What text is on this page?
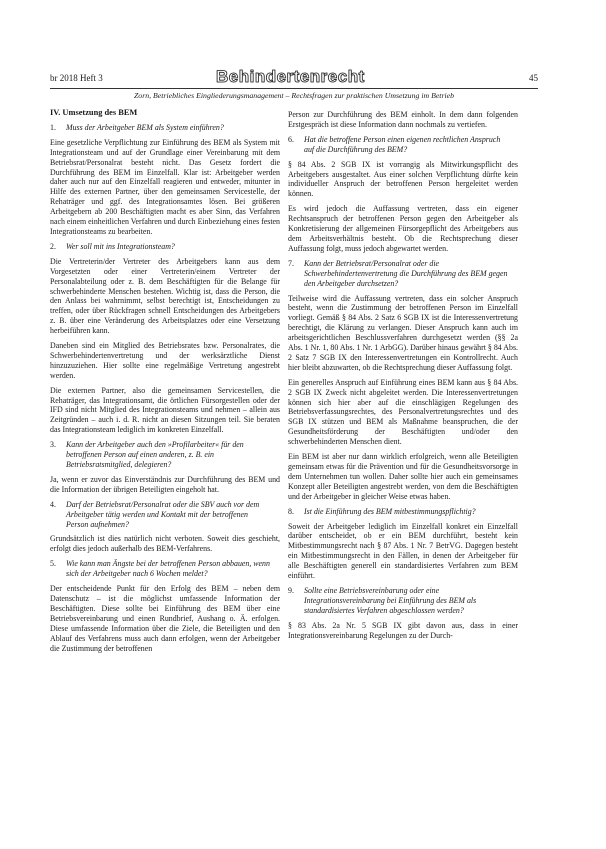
br 2018 Heft 3	Behindertenrecht	45
Zorn, Betriebliches Eingliederungsmanagement – Rechtsfragen zur praktischen Umsetzung im Betrieb
IV. Umsetzung des BEM
1.	Muss der Arbeitgeber BEM als System einführen?

Eine gesetzliche Verpflichtung zur Einführung des BEM als System mit Integrationsteam und auf der Grundlage einer Vereinbarung mit dem Betriebsrat/Personalrat besteht nicht. Das Gesetz fordert die Durchführung des BEM im Einzelfall. Klar ist: Arbeitgeber werden daher auch nur auf den Einzelfall reagieren und entweder, mitunter in Hilfe des externen Partner, über den gemeinsamen Servicestelle, der Rehaträger und ggf. des Integrationsamtes lösen. Bei größeren Arbeitgebern ab 200 Beschäftigten macht es aber Sinn, das Verfahren nach einem einheitlichen Verfahren und durch Einbeziehung eines festen Integrationsteams zu bearbeiten.

2.	Wer soll mit ins Integrationsteam?

Die Vertreterin/der Vertreter des Arbeitgebers kann aus dem Vorgesetzten oder einer Vertreterin/einem Vertreter der Personalabteilung oder z. B. dem Beschäftigten für die Belange für schwerbehinderte Menschen bestehen. Wichtig ist, dass die Person, die den Anlass bei wahrnimmt, selbst berechtigt ist, Entscheidungen zu treffen, oder über Rückfragen schnell Entscheidungen des Arbeitgebers z. B. über eine Veränderung des Arbeitsplatzes oder eine Versetzung herbeiführen kann.

Daneben sind ein Mitglied des Betriebsrates bzw. Personalrates, die Schwerbehindertenvertretung und der werksärztliche Dienst hinzuzuziehen. Hier sollte eine regelmäßige Vertretung angestrebt werden.

Die externen Partner, also die gemeinsamen Servicestellen, die Rehaträger, das Integrationsamt, die örtlichen Fürsorgestellen oder der IFD sind nicht Mitglied des Integrationsteams und nehmen – allein aus Zeitgründen – auch i. d. R. nicht an diesen Sitzungen teil. Sie beraten das Integrationsteam lediglich im konkreten Einzelfall.

3.	Kann der Arbeitgeber auch den »Profilarbeiter« für den betroffenen Person auf einen anderen, z. B. ein Betriebsratsmitglied, delegieren?

Ja, wenn er zuvor das Einverständnis zur Durchführung des BEM und die Information der übrigen Beteiligten eingeholt hat.

4.	Darf der Betriebsrat/Personalrat oder die SBV auch vor dem Arbeitgeber tätig werden und Kontakt mit der betroffenen Person aufnehmen?

Grundsätzlich ist dies natürlich nicht verboten. Soweit dies geschieht, erfolgt dies jedoch außerhalb des BEM-Verfahrens.

5.	Wie kann man Ängste bei der betroffenen Person abbauen, wenn sich der Arbeitgeber nach 6 Wochen meldet?

Der entscheidende Punkt für den Erfolg des BEM – neben dem Datenschutz – ist die möglichst umfassende Information der Beschäftigten. Diese sollte bei Einführung des BEM über eine Betriebsvereinbarung und einen Rundbrief, Aushang o. Ä. erfolgen. Diese umfassende Information über die Ziele, die Beteiligten und den Ablauf des Verfahrens muss auch dann erfolgen, wenn der Arbeitgeber die Zustimmung der betroffenen

Person zur Durchführung des BEM einholt. In dem dann folgenden Erstgespräch ist diese Information dann nochmals zu vertiefen.

6.	Hat die betroffene Person einen eigenen rechtlichen Anspruch auf die Durchführung des BEM?

§ 84 Abs. 2 SGB IX ist vorrangig als Mitwirkungspflicht des Arbeitgebers ausgestaltet. Aus einer solchen Verpflichtung dürfte kein individueller Anspruch der betroffenen Person hergeleitet werden können.

Es wird jedoch die Auffassung vertreten, dass ein eigener Rechtsanspruch der betroffenen Person gegen den Arbeitgeber als Konkretisierung der allgemeinen Fürsorgepflicht des Arbeitgebers aus dem Arbeitsverhältnis besteht. Ob die Rechtsprechung dieser Auffassung folgt, muss jedoch abgewartet werden.

7.	Kann der Betriebsrat/Personalrat oder die Schwerbehindertenvertretung die Durchführung des BEM gegen den Arbeitgeber durchsetzen?

Teilweise wird die Auffassung vertreten, dass ein solcher Anspruch besteht, wenn die Zustimmung der betroffenen Person im Einzelfall vorliegt. Gemäß § 84 Abs. 2 Satz 6 SGB IX ist die Interessenvertretung berechtigt, die Klärung zu verlangen. Dieser Anspruch kann auch im arbeitsgerichtlichen Beschlussverfahren durchgesetzt werden (§§ 2a Abs. 1 Nr. 1, 80 Abs. 1 Nr. 1 ArbGG). Darüber hinaus gewährt § 84 Abs. 2 Satz 7 SGB IX den Interessenvertretungen ein Kontrollrecht. Auch hier bleibt abzuwarten, ob die Rechtsprechung dieser Auffassung folgt.

Ein generelles Anspruch auf Einführung eines BEM kann aus § 84 Abs. 2 SGB IX Zweck nicht abgeleitet werden. Die Interessenvertretungen können sich hier aber auf die einschlägigen Regelungen des Betriebsverfassungsrechtes, des Personalvertretungsrechtes und des SGB IX stützen und BEM als Maßnahme beanspruchen, die der Gesundheitsförderung der Beschäftigten und/oder den schwerbehinderten Menschen dient.

Ein BEM ist aber nur dann wirklich erfolgreich, wenn alle Beteiligten gemeinsam etwas für die Prävention und für die Gesundheitsvorsorge in dem Unternehmen tun wollen. Daher sollte hier auch ein gemeinsames Konzept aller Beteiligten angestrebt werden, von dem die Beschäftigten und der Arbeitgeber in gleicher Weise etwas haben.

8.	Ist die Einführung des BEM mitbestimmungspflichtig?

Soweit der Arbeitgeber lediglich im Einzelfall konkret ein Einzelfall darüber entscheidet, ob er ein BEM durchführt, besteht kein Mitbestimmungsrecht nach § 87 Abs. 1 Nr. 7 BetrVG. Dagegen besteht ein Mitbestimmungsrecht in den Fällen, in denen der Arbeitgeber für alle Beschäftigten generell ein standardisiertes Verfahren zum BEM einführt.

9.	Sollte eine Betriebsvereinbarung oder eine Integrationsvereinbarung bei Einführung des BEM als standardisiertes Verfahren abgeschlossen werden?

§ 83 Abs. 2a Nr. 5 SGB IX gibt davon aus, dass in einer Integrationsvereinbarung Regelungen zu der Durch-
